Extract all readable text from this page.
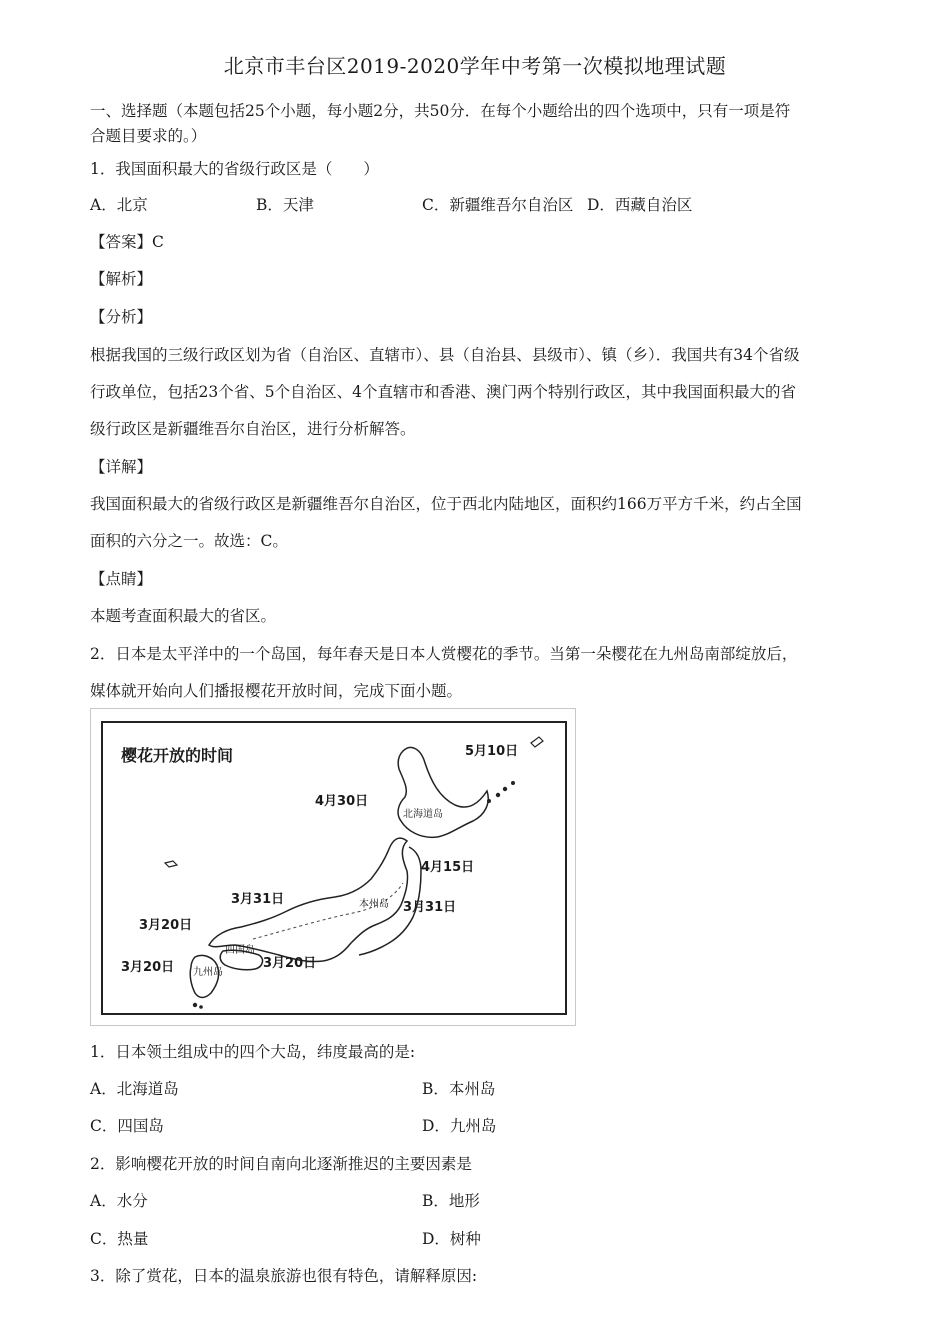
北京市丰台区2019-2020学年中考第一次模拟地理试题
一、选择题（本题包括25个小题，每小题2分，共50分．在每个小题给出的四个选项中，只有一项是符
合题目要求的。）
1．我国面积最大的省级行政区是（　　）
A．北京	B．天津	C．新疆维吾尔自治区 D．西藏自治区
【答案】C
【解析】
【分析】
根据我国的三级行政区划为省（自治区、直辖市）、县（自治县、县级市）、镇（乡）．我国共有34个省级
行政单位，包括23个省、5个自治区、4个直辖市和香港、澳门两个特别行政区，其中我国面积最大的省
级行政区是新疆维吾尔自治区，进行分析解答。
【详解】
我国面积最大的省级行政区是新疆维吾尔自治区，位于西北内陆地区，面积约166万平方千米，约占全国
面积的六分之一。故选：C。
【点睛】
本题考查面积最大的省区。
2．日本是太平洋中的一个岛国，每年春天是日本人赏樱花的季节。当第一朵樱花在九州岛南部绽放后，
媒体就开始向人们播报樱花开放时间，完成下面小题。
樱花开放的时间	5月10日
4月30日
4月15日
3月31日
3月31日
3月20日
3月20日	3月20日
北海道岛
本州岛
四国岛
九州岛
1．日本领土组成中的四个大岛，纬度最高的是:
A．北海道岛	B．本州岛
C．四国岛	D．九州岛
2．影响樱花开放的时间自南向北逐渐推迟的主要因素是
A．水分	B．地形
C．热量	D．树种
3．除了赏花，日本的温泉旅游也很有特色，请解释原因:
